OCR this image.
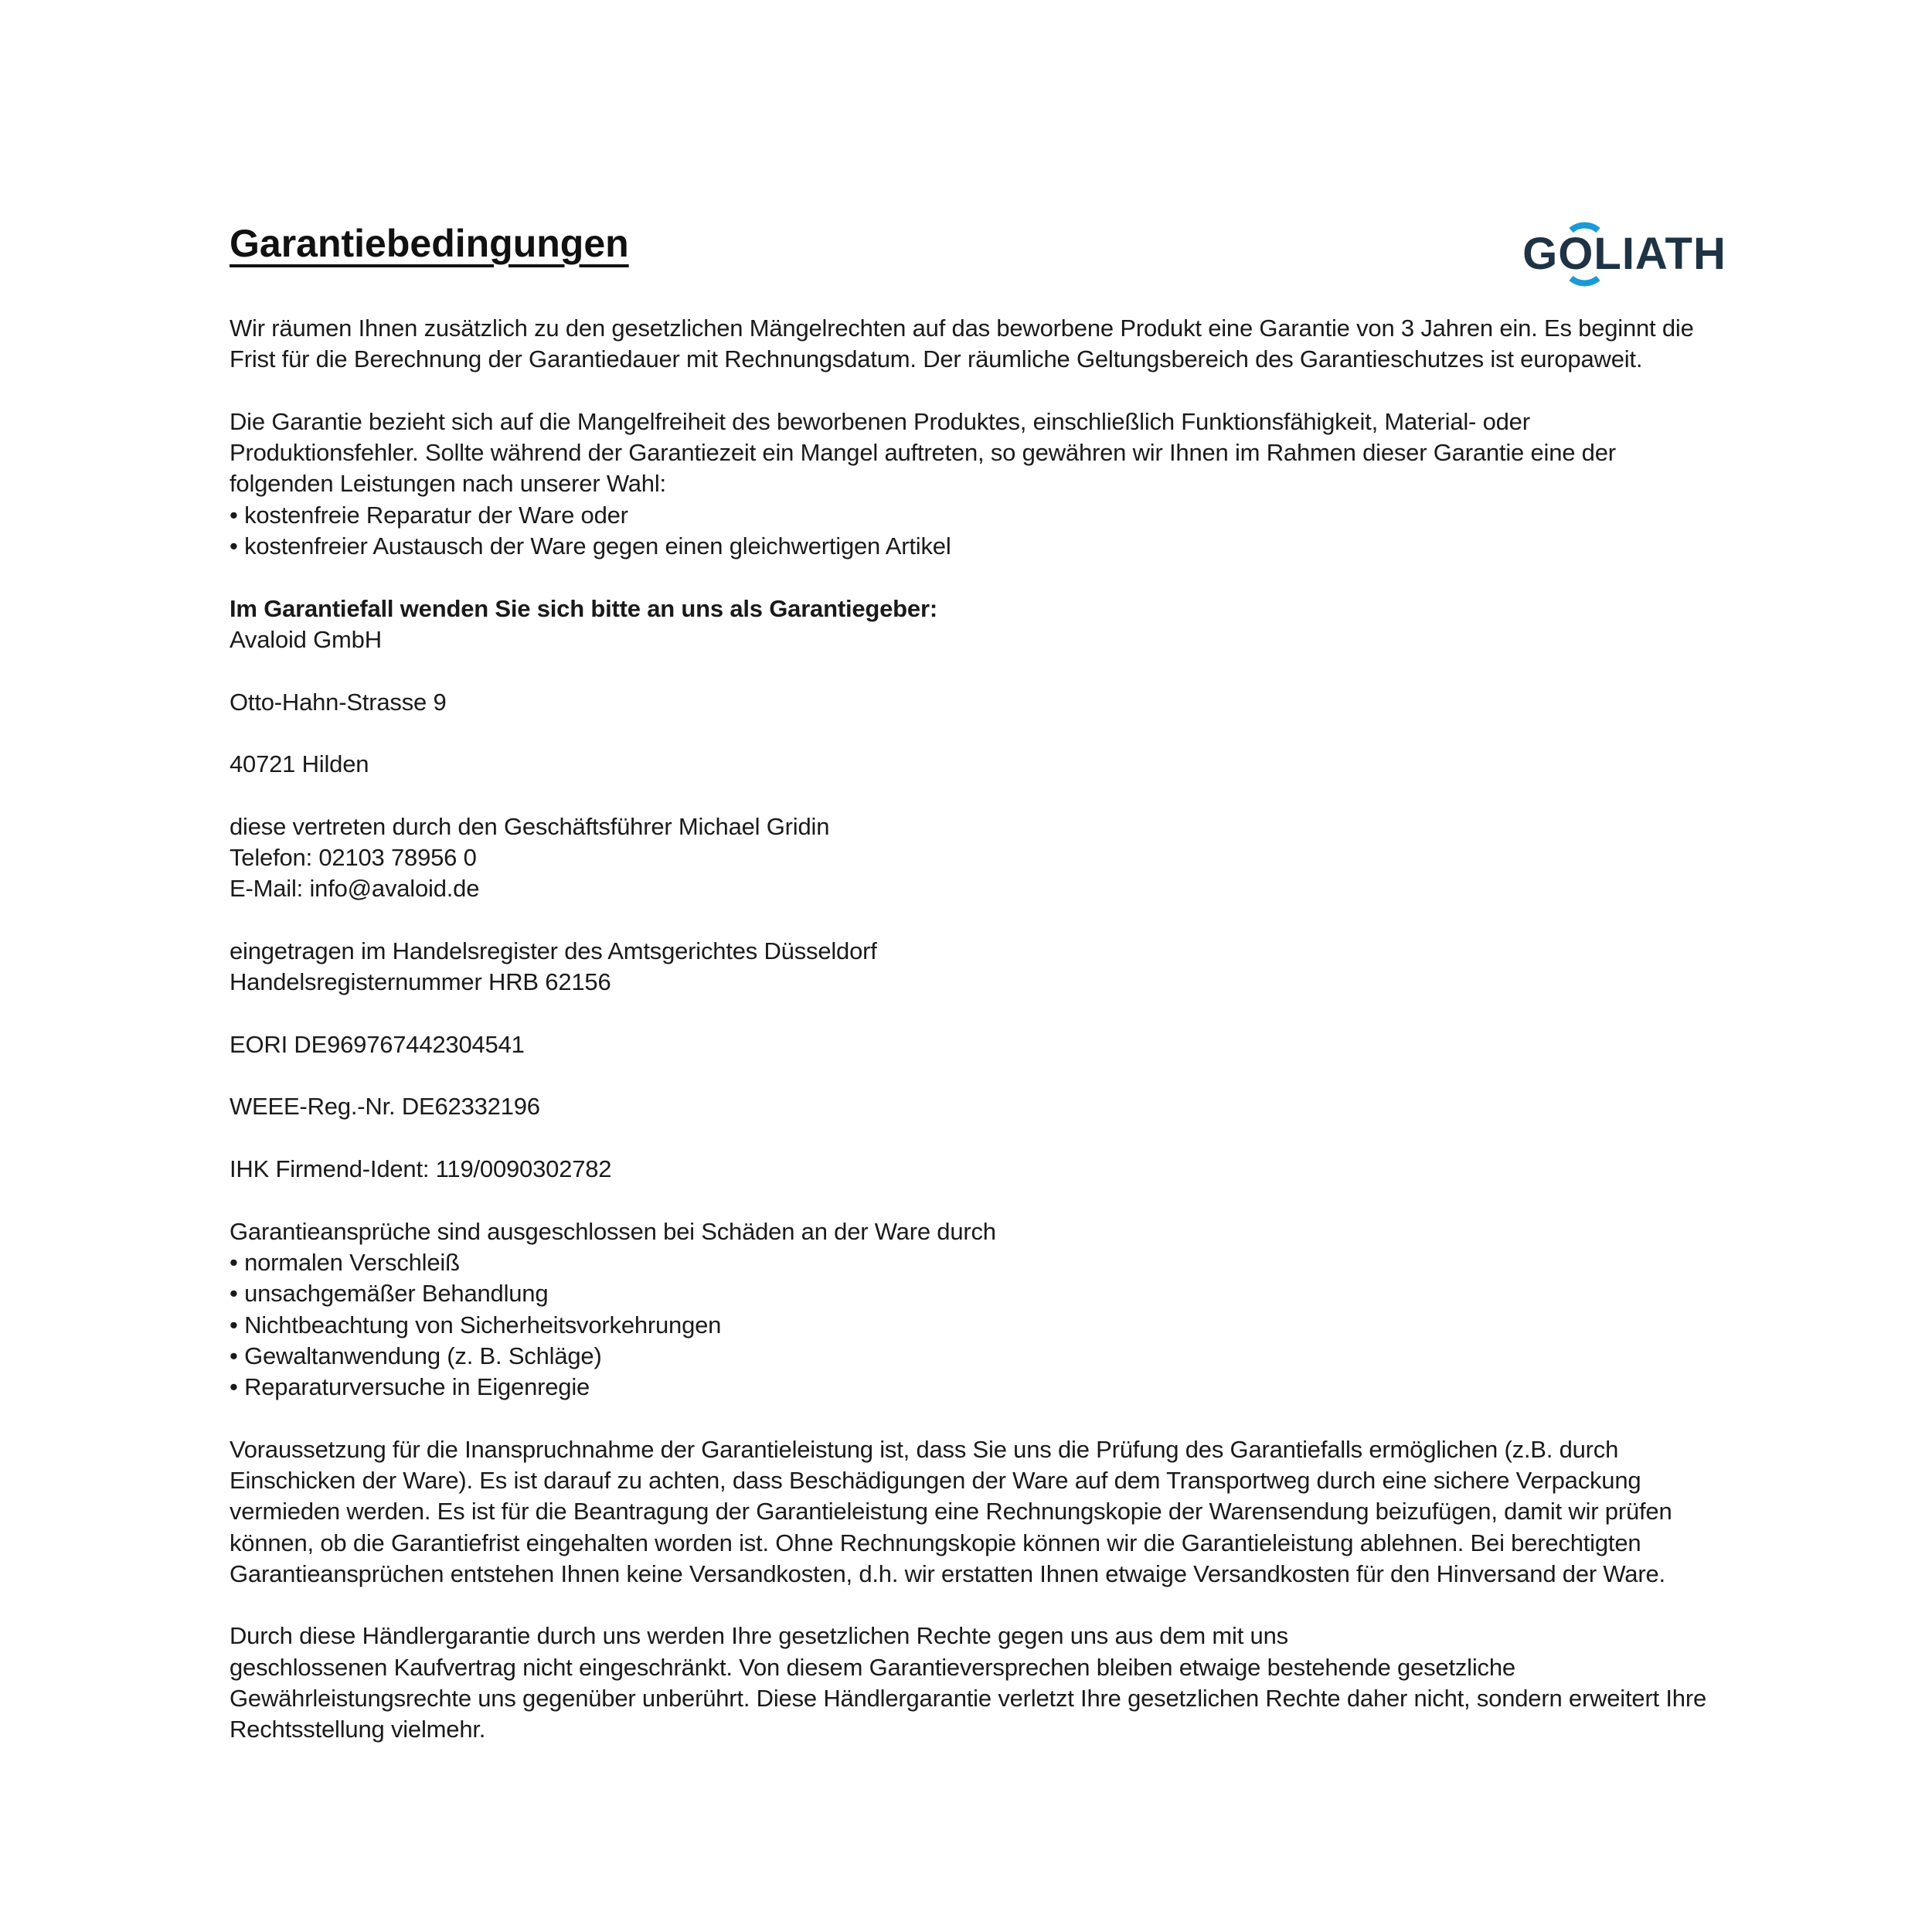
Garantiebedingungen	GOLIATH

Wir räumen Ihnen zusätzlich zu den gesetzlichen Mängelrechten auf das beworbene Produkt eine Garantie von 3 Jahren ein. Es beginnt die Frist für die Berechnung der Garantiedauer mit Rechnungsdatum. Der räumliche Geltungsbereich des Garantieschutzes ist europaweit.

Die Garantie bezieht sich auf die Mangelfreiheit des beworbenen Produktes, einschließlich Funktionsfähigkeit, Material- oder Produktionsfehler. Sollte während der Garantiezeit ein Mangel auftreten, so gewähren wir Ihnen im Rahmen dieser Garantie eine der folgenden Leistungen nach unserer Wahl:
• kostenfreie Reparatur der Ware oder
• kostenfreier Austausch der Ware gegen einen gleichwertigen Artikel
Im Garantiefall wenden Sie sich bitte an uns als Garantiegeber:
Avaloid GmbH

Otto-Hahn-Strasse 9

40721 Hilden

diese vertreten durch den Geschäftsführer Michael Gridin
Telefon: 02103 78956 0
E-Mail: info@avaloid.de
eingetragen im Handelsregister des Amtsgerichtes Düsseldorf
Handelsregisternummer HRB 62156

EORI DE969767442304541

WEEE-Reg.-Nr. DE62332196

IHK Firmend-Ident: 119/0090302782

Garantieansprüche sind ausgeschlossen bei Schäden an der Ware durch
• normalen Verschleiß
• unsachgemäßer Behandlung
• Nichtbeachtung von Sicherheitsvorkehrungen
• Gewaltanwendung (z. B. Schläge)
• Reparaturversuche in Eigenregie

Voraussetzung für die Inanspruchnahme der Garantieleistung ist, dass Sie uns die Prüfung des Garantiefalls ermöglichen (z.B. durch Einschicken der Ware). Es ist darauf zu achten, dass Beschädigungen der Ware auf dem Transportweg durch eine sichere Verpackung vermieden werden. Es ist für die Beantragung der Garantieleistung eine Rechnungskopie der Warensendung beizufügen, damit wir prüfen können, ob die Garantiefrist eingehalten worden ist. Ohne Rechnungskopie können wir die Garantieleistung ablehnen. Bei berechtigten Garantieansprüchen entstehen Ihnen keine Versandkosten, d.h. wir erstatten Ihnen etwaige Versandkosten für den Hinversand der Ware.

Durch diese Händlergarantie durch uns werden Ihre gesetzlichen Rechte gegen uns aus dem mit uns
geschlossenen Kaufvertrag nicht eingeschränkt. Von diesem Garantieversprechen bleiben etwaige bestehende gesetzliche Gewährleistungsrechte uns gegenüber unberührt. Diese Händlergarantie verletzt Ihre gesetzlichen Rechte daher nicht, sondern erweitert Ihre Rechtsstellung vielmehr.
